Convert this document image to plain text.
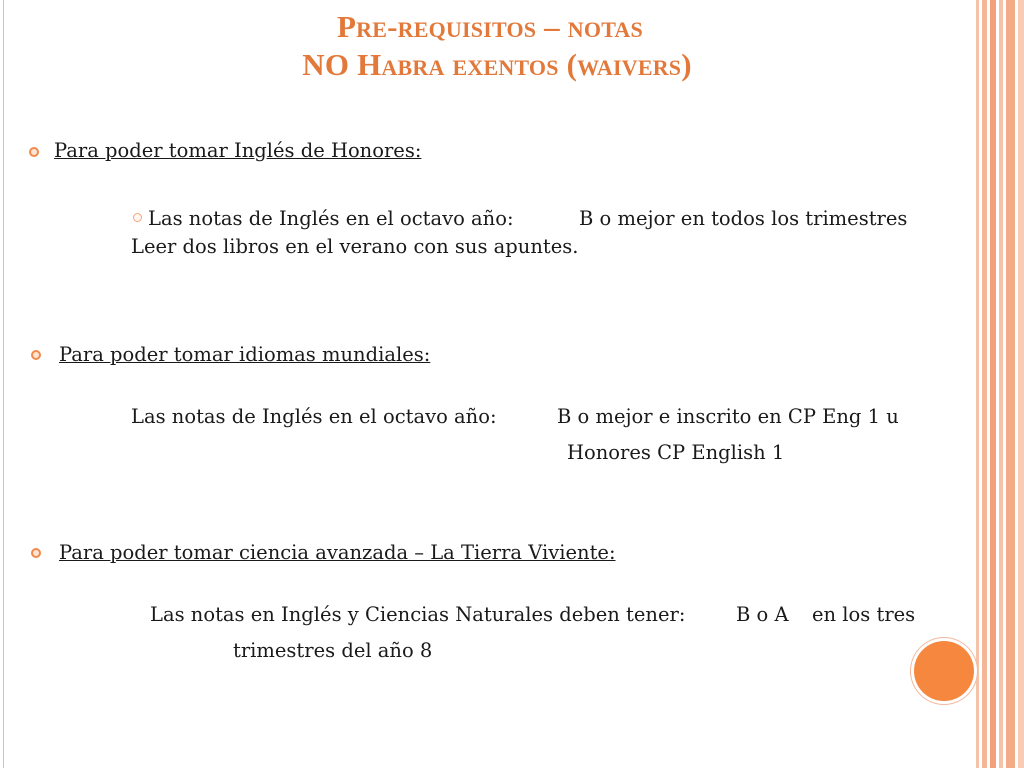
Pre-requisitos – notas
NO Habra exentos (waivers)
Para poder tomar Inglés de Honores:
Las notas de Inglés en el octavo año:	B o mejor en todos los trimestres
Leer dos libros en el verano con sus apuntes.
Para poder tomar idiomas mundiales:
Las notas de Inglés en el octavo año:	B o mejor e inscrito en CP Eng 1 u
Honores CP English 1
Para poder tomar ciencia avanzada – La Tierra Viviente:
Las notas en Inglés y Ciencias Naturales deben tener:	B o A en los tres
trimestres del año 8
